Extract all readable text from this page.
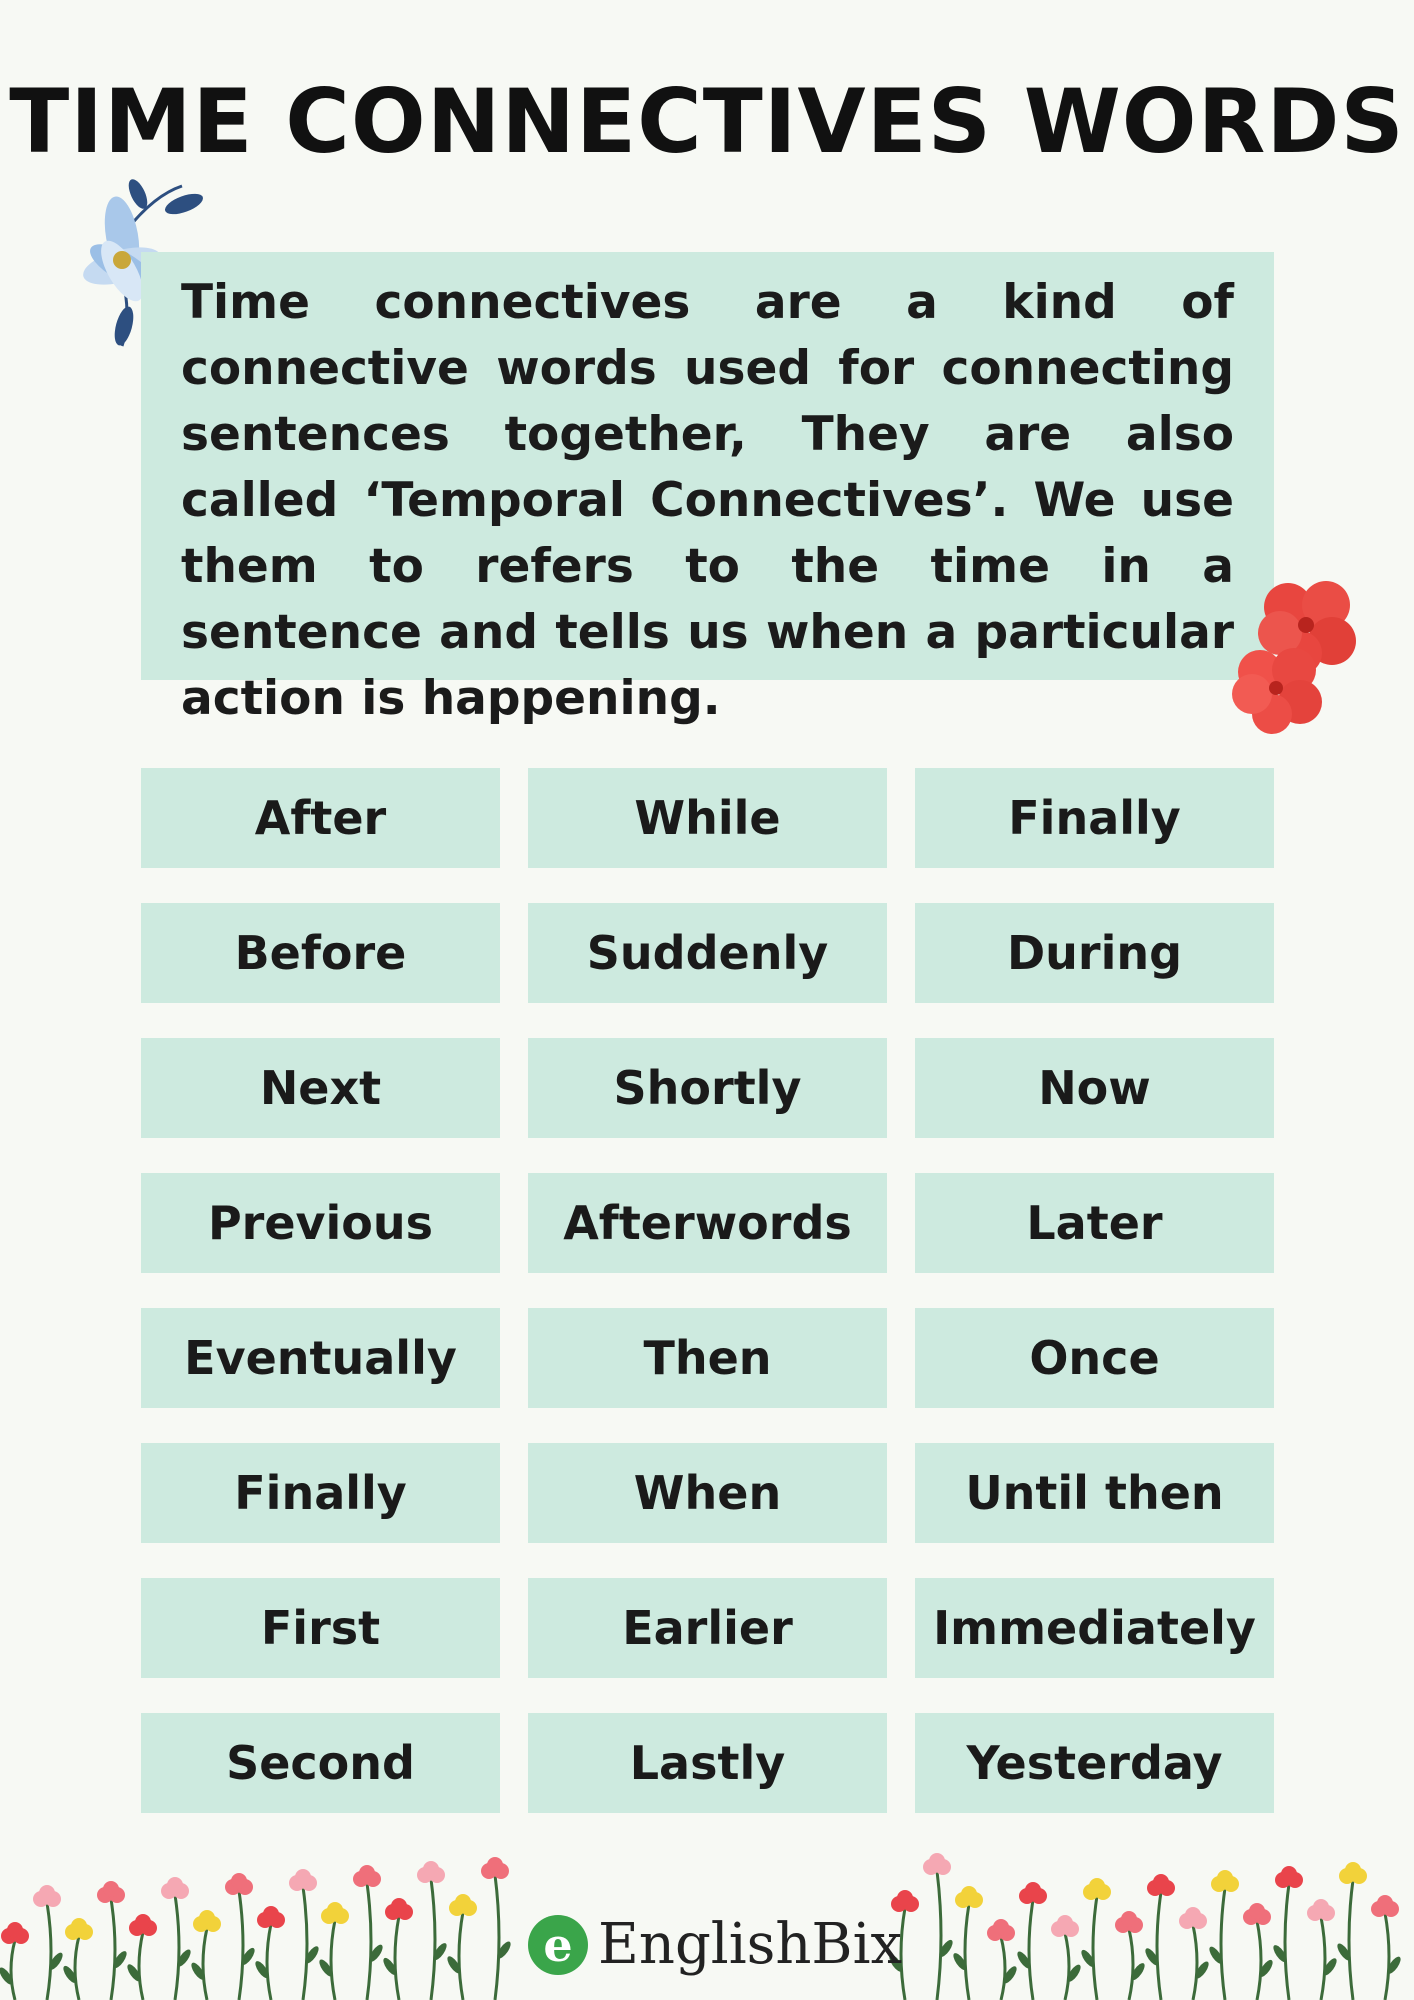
TIME CONNECTIVES WORDS

Time connectives are a kind of connective words used for connecting sentences together, They are also called ‘Temporal Connectives’. We use them to refers to the time in a sentence and tells us when a particular action is happening.

After	While	Finally
Before	Suddenly	During
Next	Shortly	Now
Previous	Afterwords	Later
Eventually	Then	Once
Finally	When	Until then
First	Earlier	Immediately
Second	Lastly	Yesterday
e EnglishBix
